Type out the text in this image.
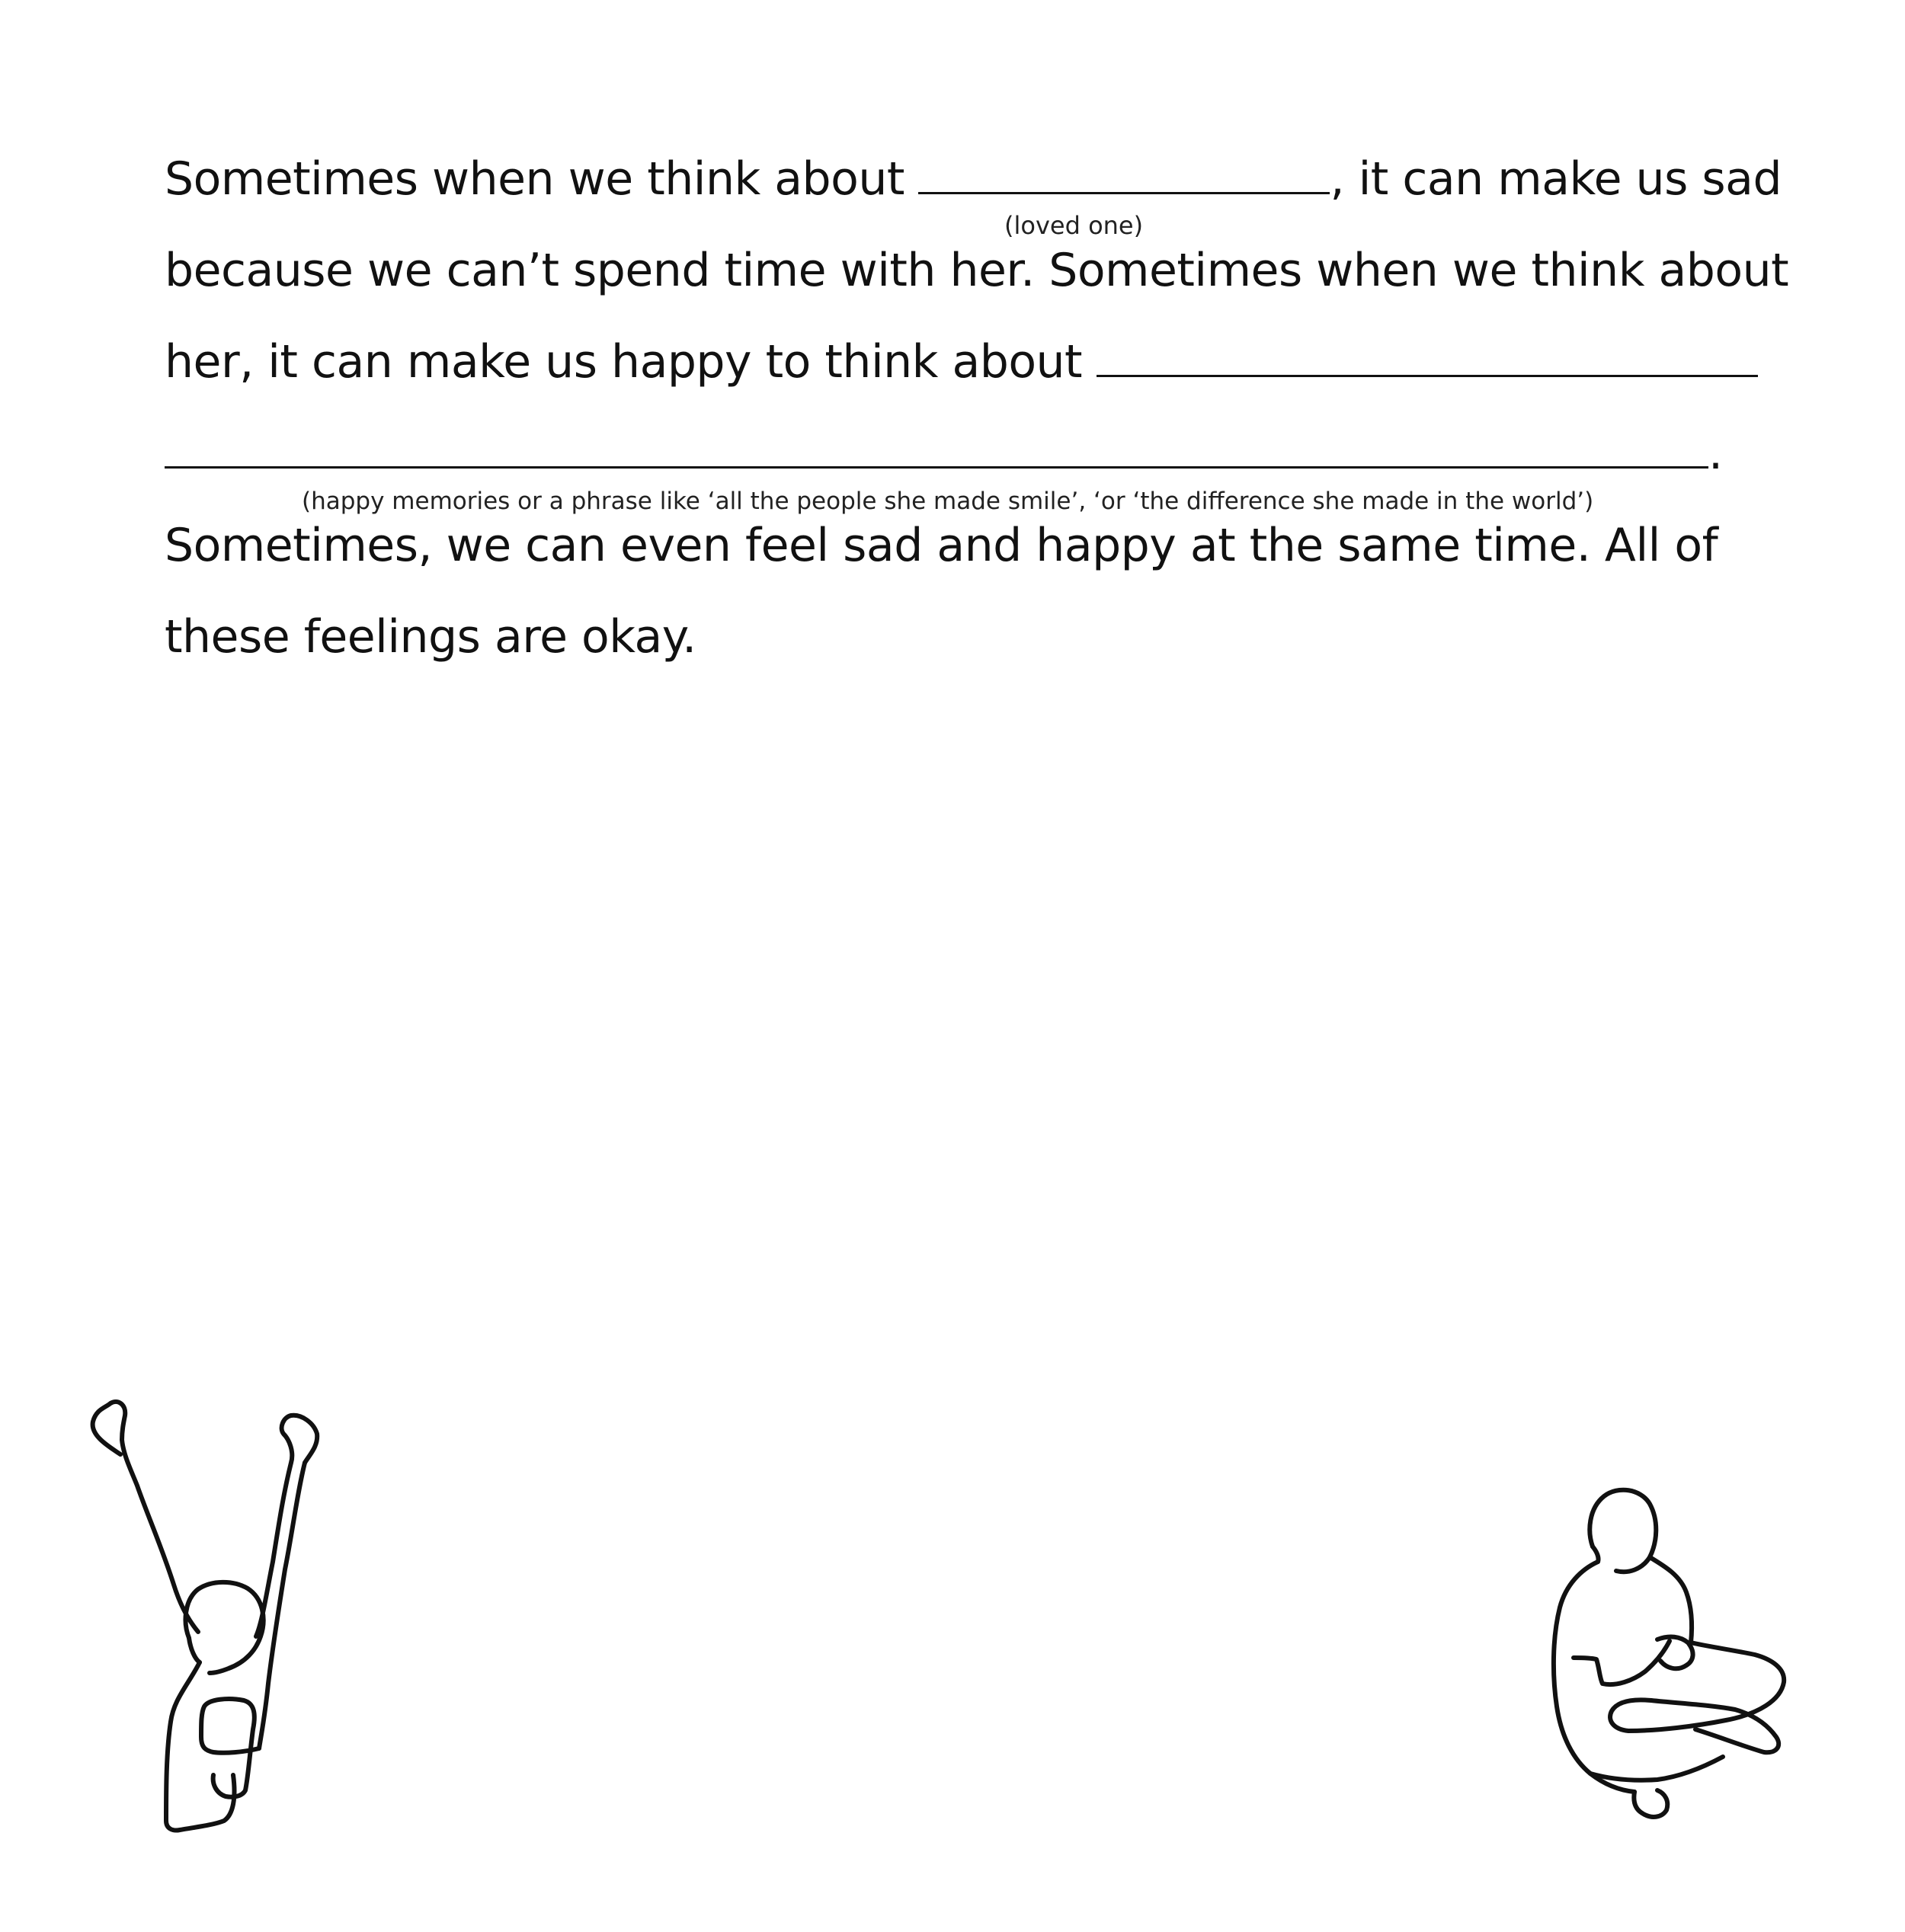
Sometimes when we think about	, it can make us sad
(loved one)
because we can’t spend time with her. Sometimes when we think about
her, it can make us happy to think about
.
(happy memories or a phrase like ‘all the people she made smile’, ‘or ‘the difference she made in the world’)
Sometimes, we can even feel sad and happy at the same time. All of
these feelings are okay.
